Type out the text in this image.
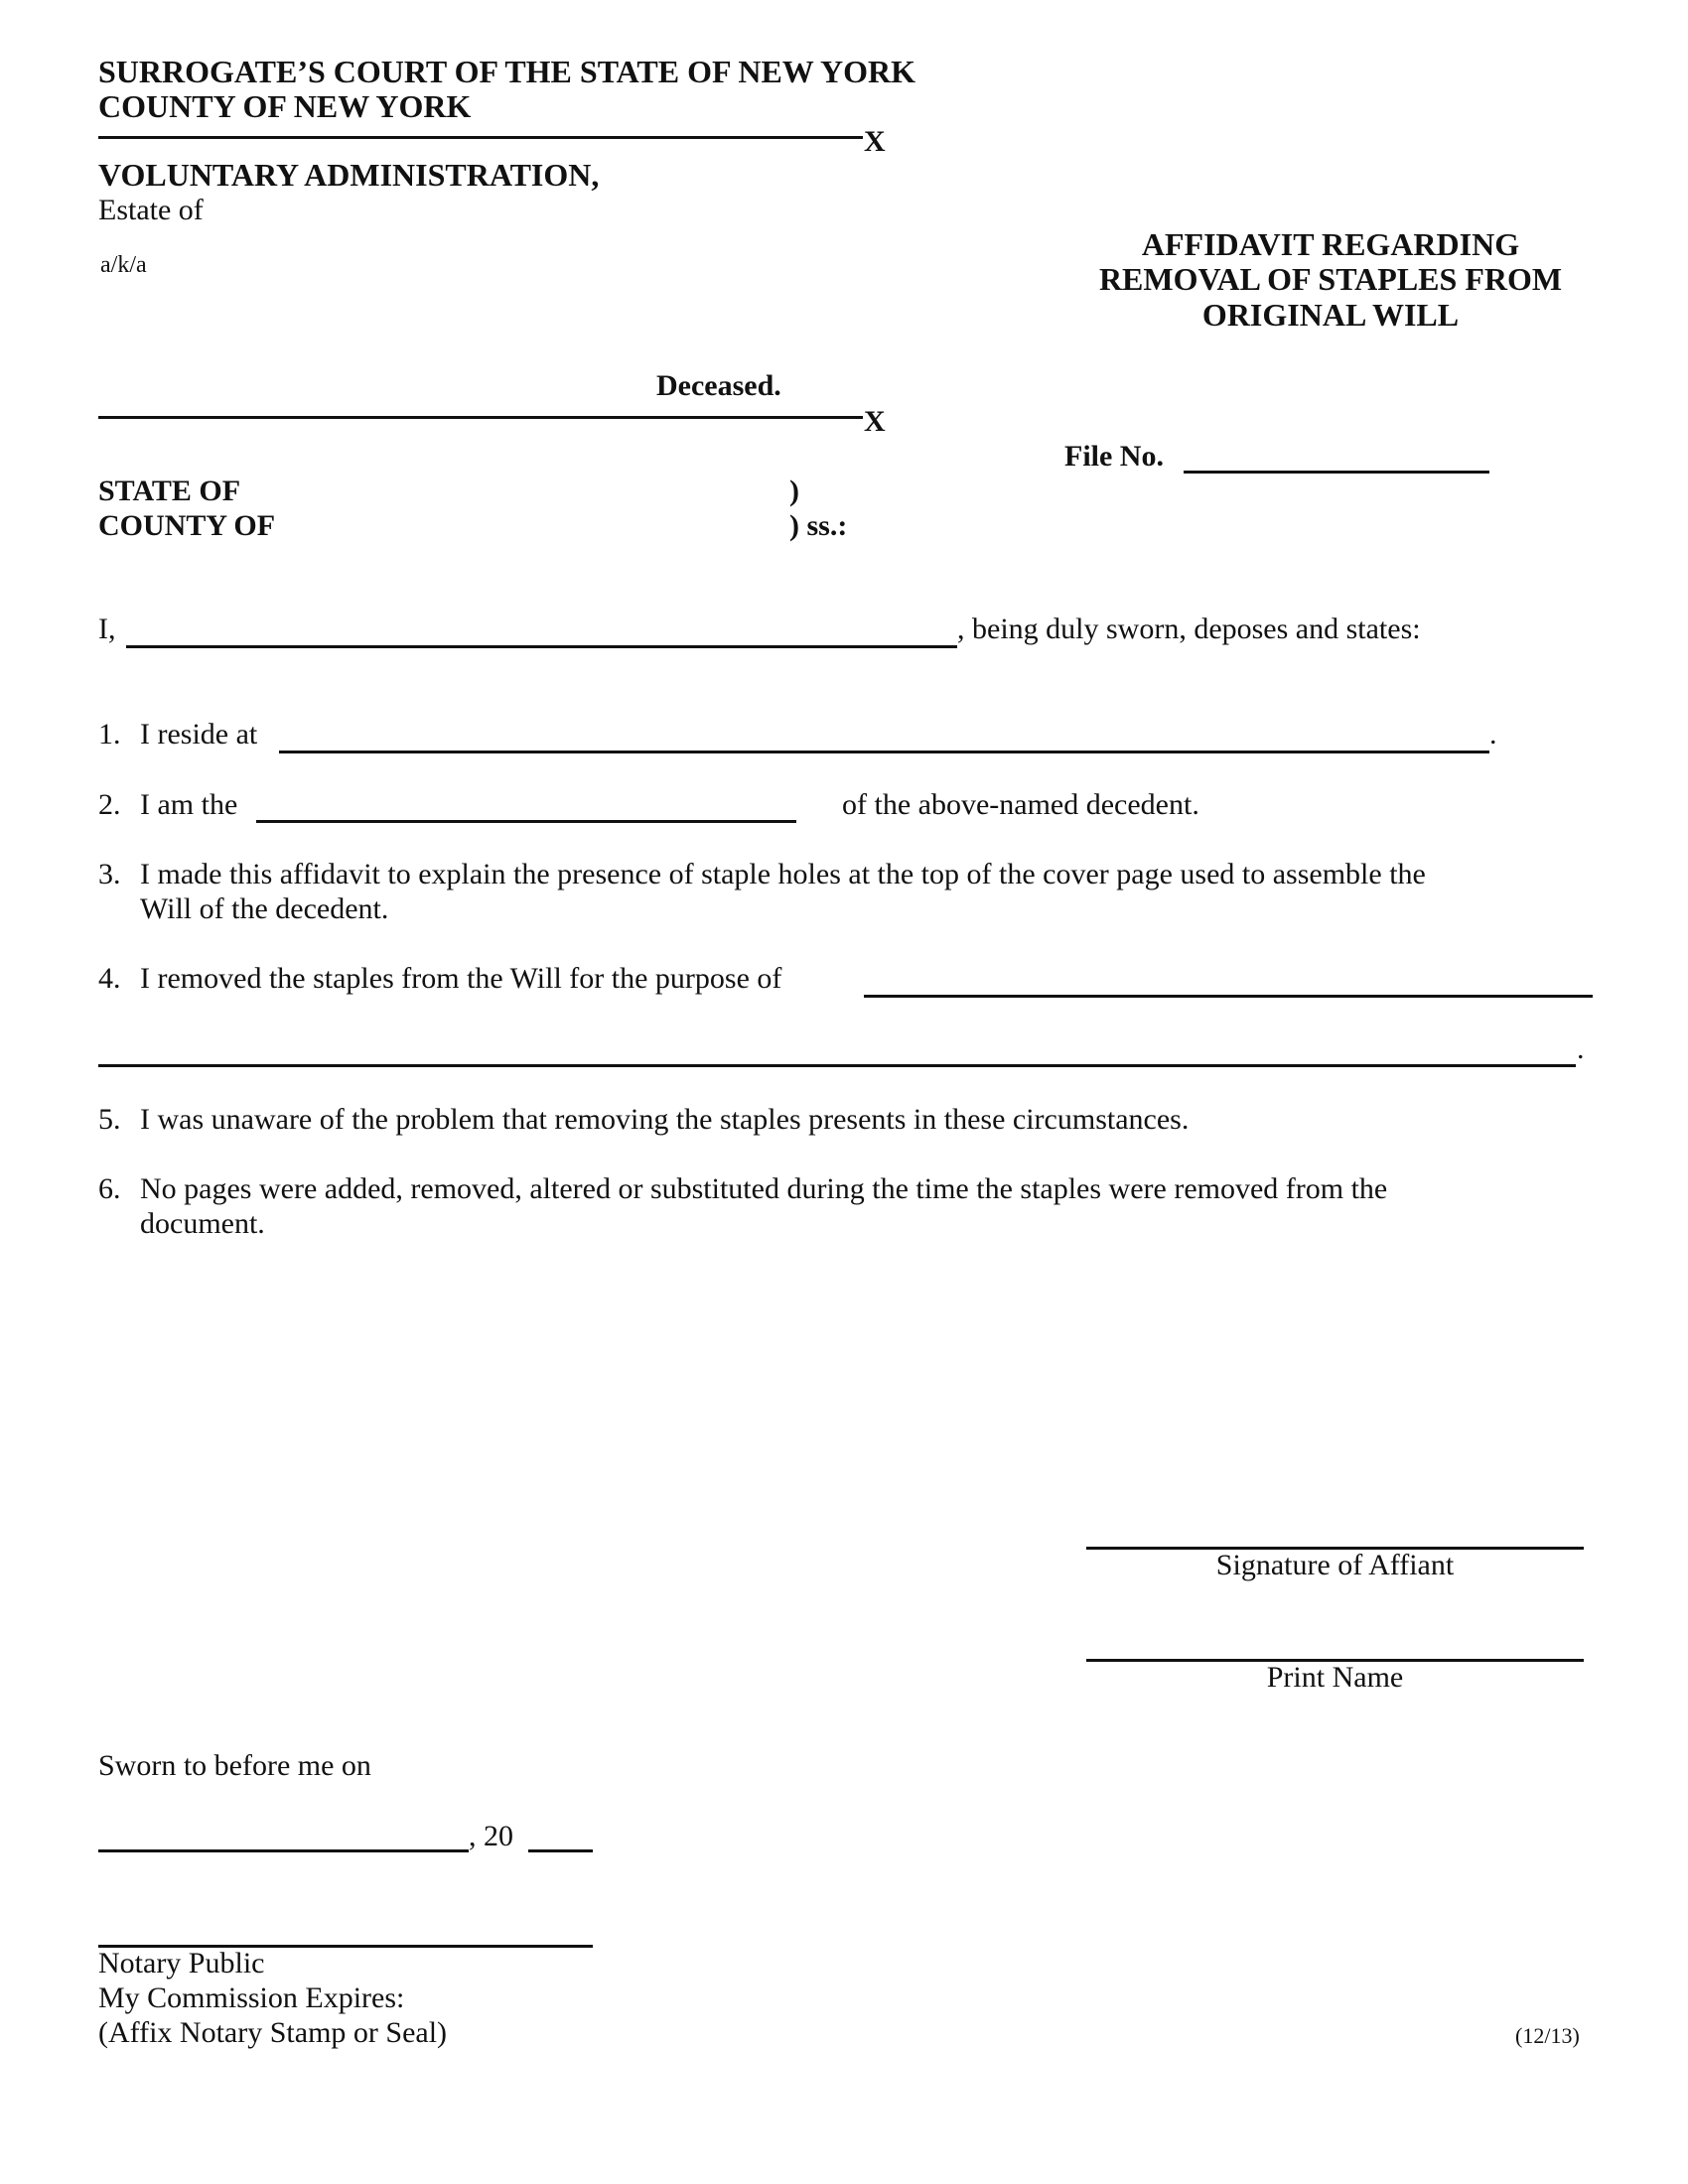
SURROGATE’S COURT OF THE STATE OF NEW YORK
COUNTY OF NEW YORK
X
VOLUNTARY ADMINISTRATION,
Estate of
a/k/a
Deceased.
X
AFFIDAVIT REGARDING
REMOVAL OF STAPLES FROM
ORIGINAL WILL
File No.
STATE OF
COUNTY OF
)
) ss.:
I,	, being duly sworn, deposes and states:
1. I reside at	.
2. I am the	of the above-named decedent.
3. I made this affidavit to explain the presence of staple holes at the top of the cover page used to assemble the
Will of the decedent.
4. I removed the staples from the Will for the purpose of
.
5. I was unaware of the problem that removing the staples presents in these circumstances.
6. No pages were added, removed, altered or substituted during the time the staples were removed from the
document.
Signature of Affiant
Print Name
Sworn to before me on
, 20
Notary Public
My Commission Expires:
(Affix Notary Stamp or Seal)	(12/13)
